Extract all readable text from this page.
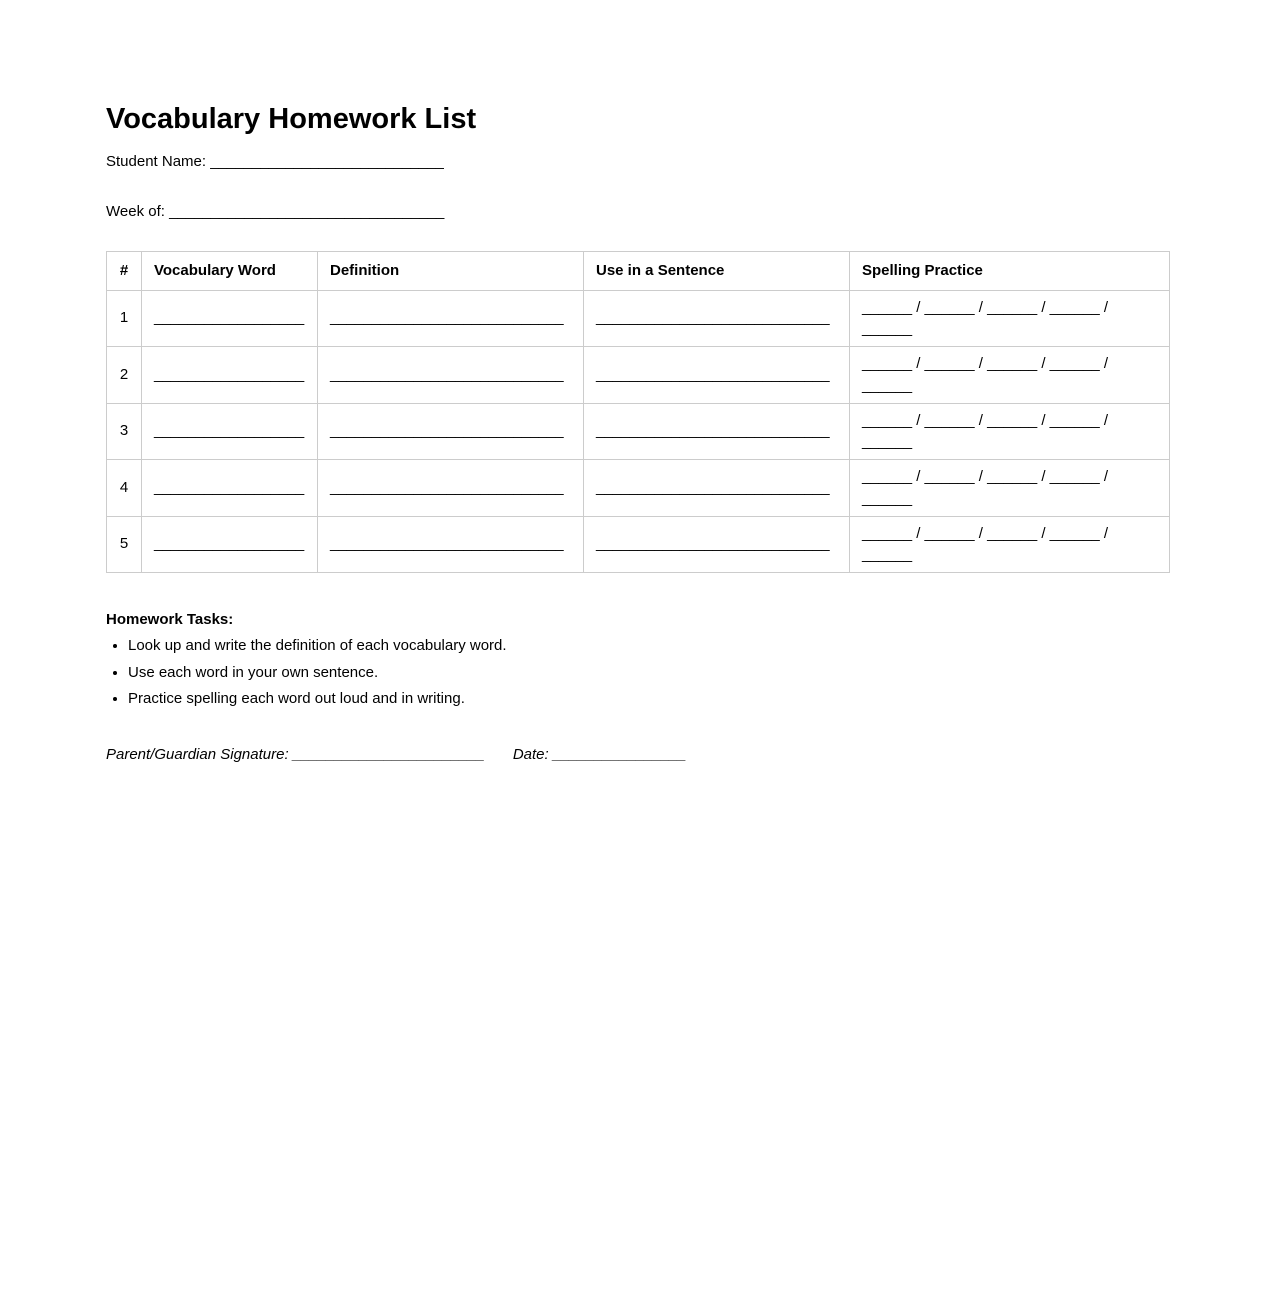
Vocabulary Homework List

Student Name: ____________________________

Week of: _________________________________

#	Vocabulary Word	Definition	Use in a Sentence	Spelling Practice
1	__________________	____________________________	____________________________	______ / ______ / ______ / ______ / ______
2	__________________	____________________________	____________________________	______ / ______ / ______ / ______ / ______
3	__________________	____________________________	____________________________	______ / ______ / ______ / ______ / ______
4	__________________	____________________________	____________________________	______ / ______ / ______ / ______ / ______
5	__________________	____________________________	____________________________	______ / ______ / ______ / ______ / ______

Homework Tasks:

• Look up and write the definition of each vocabulary word.
• Use each word in your own sentence.
• Practice spelling each word out loud and in writing.

Parent/Guardian Signature: _______________________ Date: ________________
